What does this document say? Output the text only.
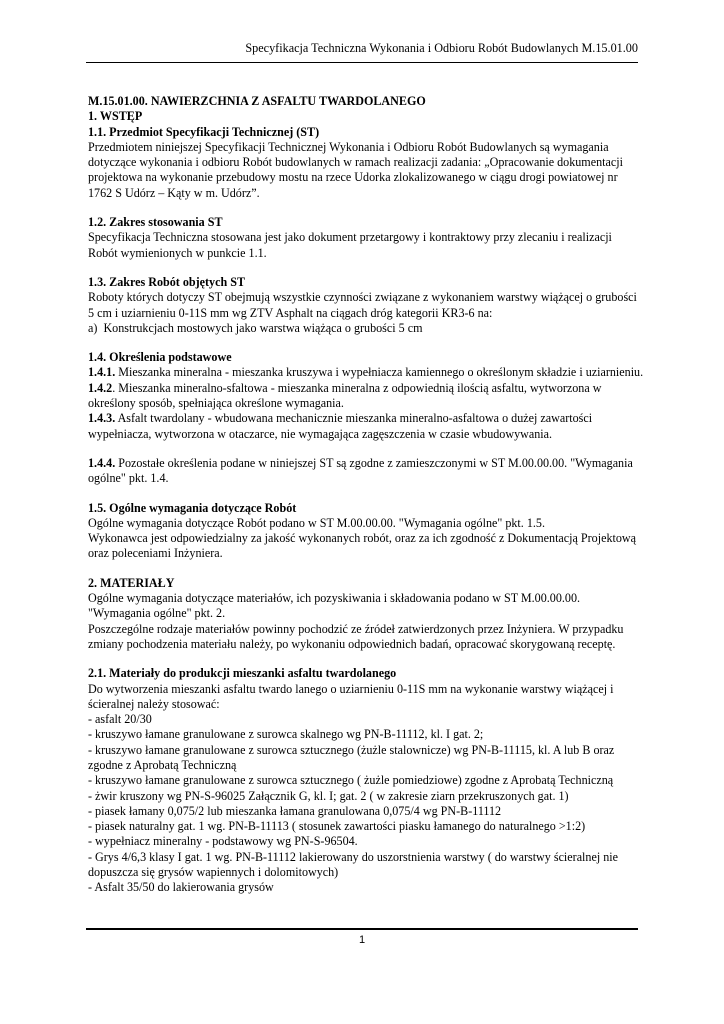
Specyfikacja Techniczna Wykonania i Odbioru Robót Budowlanych M.15.01.00

M.15.01.00. NAWIERZCHNIA Z ASFALTU TWARDOLANEGO

1. WSTĘP

1.1. Przedmiot Specyfikacji Technicznej (ST)

Przedmiotem niniejszej Specyfikacji Technicznej Wykonania i Odbioru Robót Budowlanych są wymagania dotyczące wykonania i odbioru Robót budowlanych w ramach realizacji zadania: „Opracowanie dokumentacji projektowa na wykonanie przebudowy mostu na rzece Udorka zlokalizowanego w ciągu drogi powiatowej nr 1762 S Udórz – Kąty w m. Udórz”.

1.2. Zakres stosowania ST

Specyfikacja Techniczna stosowana jest jako dokument przetargowy i kontraktowy przy zlecaniu i realizacji Robót wymienionych w punkcie 1.1.

1.3. Zakres Robót objętych ST

Roboty których dotyczy ST obejmują wszystkie czynności związane z wykonaniem warstwy wiążącej o grubości 5 cm i uziarnieniu 0-11S mm wg ZTV Asphalt na ciągach dróg kategorii KR3-6 na:

a)  Konstrukcjach mostowych jako warstwa wiążąca o grubości 5 cm

1.4. Określenia podstawowe

1.4.1. Mieszanka mineralna - mieszanka kruszywa i wypełniacza kamiennego o określonym składzie i uziarnieniu.

1.4.2. Mieszanka mineralno-sfaltowa - mieszanka mineralna z odpowiednią ilością asfaltu, wytworzona w określony sposób, spełniająca określone wymagania.

1.4.3. Asfalt twardolany - wbudowana mechanicznie mieszanka mineralno-asfaltowa o dużej zawartości wypełniacza, wytworzona w otaczarce, nie wymagająca zagęszczenia w czasie wbudowywania.

1.4.4. Pozostałe określenia podane w niniejszej ST są zgodne z zamieszczonymi w ST M.00.00.00. "Wymagania ogólne" pkt. 1.4.

1.5. Ogólne wymagania dotyczące Robót

Ogólne wymagania dotyczące Robót podano w ST M.00.00.00. "Wymagania ogólne" pkt. 1.5.

Wykonawca jest odpowiedzialny za jakość wykonanych robót, oraz za ich zgodność z Dokumentacją Projektową oraz poleceniami Inżyniera.

2. MATERIAŁY

Ogólne wymagania dotyczące materiałów, ich pozyskiwania i składowania podano w ST M.00.00.00. "Wymagania ogólne" pkt. 2.

Poszczególne rodzaje materiałów powinny pochodzić ze źródeł zatwierdzonych przez Inżyniera. W przypadku zmiany pochodzenia materiału należy, po wykonaniu odpowiednich badań, opracować skorygowaną receptę.

2.1. Materiały do produkcji mieszanki asfaltu twardolanego

Do wytworzenia mieszanki asfaltu twardo lanego o uziarnieniu 0-11S mm na wykonanie warstwy wiążącej i ścieralnej należy stosować:

- asfalt 20/30

- kruszywo łamane granulowane z surowca skalnego wg PN-B-11112, kl. I gat. 2;

- kruszywo łamane granulowane z surowca sztucznego (żużle stalownicze) wg PN-B-11115, kl. A lub B oraz zgodne z Aprobatą Techniczną

- kruszywo łamane granulowane z surowca sztucznego ( żużle pomiedziowe) zgodne z Aprobatą Techniczną

- żwir kruszony wg PN-S-96025 Załącznik G, kl. I; gat. 2 ( w zakresie ziarn przekruszonych gat. 1)

- piasek łamany 0,075/2 lub mieszanka łamana granulowana 0,075/4 wg PN-B-11112

- piasek naturalny gat. 1 wg. PN-B-11113 ( stosunek zawartości piasku łamanego do naturalnego >1:2)

- wypełniacz mineralny - podstawowy wg PN-S-96504.

- Grys 4/6,3 klasy I gat. 1 wg. PN-B-11112 lakierowany do uszorstnienia warstwy ( do warstwy ścieralnej nie dopuszcza się grysów wapiennych i dolomitowych)

- Asfalt 35/50 do lakierowania grysów

1
